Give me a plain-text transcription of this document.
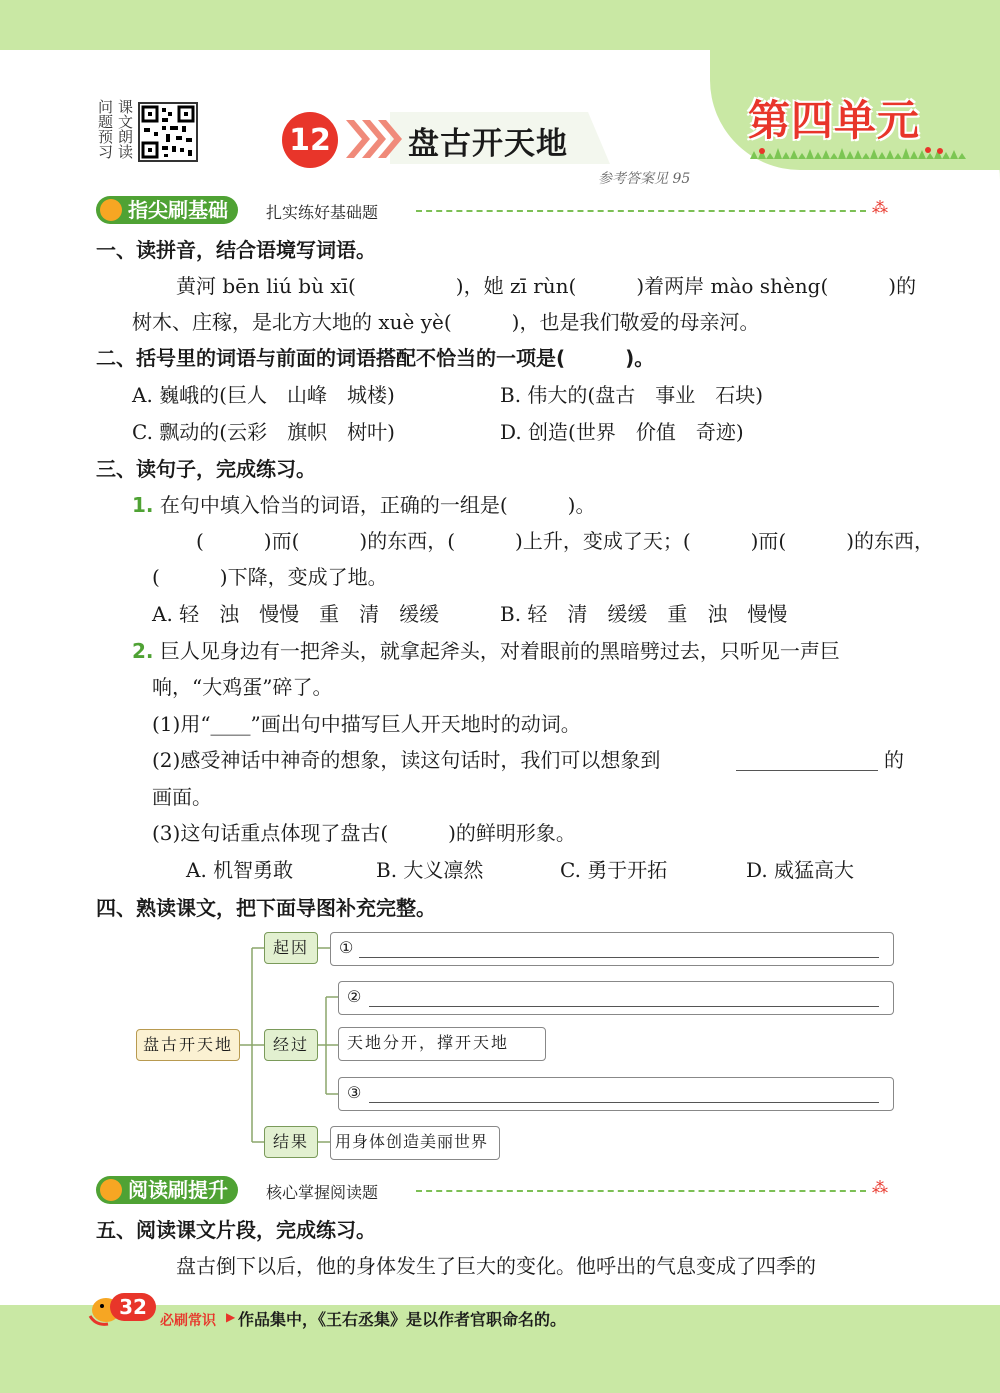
第四单元
问 课
题 文
预 朗
习 读	12 盘古开天地
参考答案见 95
指尖刷基础	扎实练好基础题	⁂
一、读拼音，结合语境写词语。
黄河 bēn liú bù xī(　　　　　)，她 zī rùn(　　　)着两岸 mào shèng(　　　)的
树木、庄稼，是北方大地的 xuè yè(　　　)，也是我们敬爱的母亲河。
二、括号里的词语与前面的词语搭配不恰当的一项是(　　　)。
A. 巍峨的(巨人　山峰　城楼)	B. 伟大的(盘古　事业　石块)
C. 飘动的(云彩　旗帜　树叶)	D. 创造(世界　价值　奇迹)
三、读句子，完成练习。
1. 在句中填入恰当的词语，正确的一组是(　　　)。
(　　　)而(　　　)的东西，(　　　)上升，变成了天；(　　　)而(　　　)的东西，
(　　　)下降，变成了地。
A. 轻　浊　慢慢　重　清　缓缓	B. 轻　清　缓缓　重　浊　慢慢
2. 巨人见身边有一把斧头，就拿起斧头，对着眼前的黑暗劈过去，只听见一声巨
响，“大鸡蛋”碎了。
(1)用“____”画出句中描写巨人开天地时的动词。
(2)感受神话中神奇的想象，读这句话时，我们可以想象到	的
画面。
(3)这句话重点体现了盘古(　　　)的鲜明形象。
A. 机智勇敢	B. 大义凛然	C. 勇于开拓	D. 威猛高大
四、熟读课文，把下面导图补充完整。
盘古开天地
起因
经过
结果
①
②
天地分开，撑开天地
③
用身体创造美丽世界
阅读刷提升	核心掌握阅读题	⁂
五、阅读课文片段，完成练习。
盘古倒下以后，他的身体发生了巨大的变化。他呼出的气息变成了四季的
32
必刷常识 ▶ 作品集中，《王右丞集》是以作者官职命名的。
